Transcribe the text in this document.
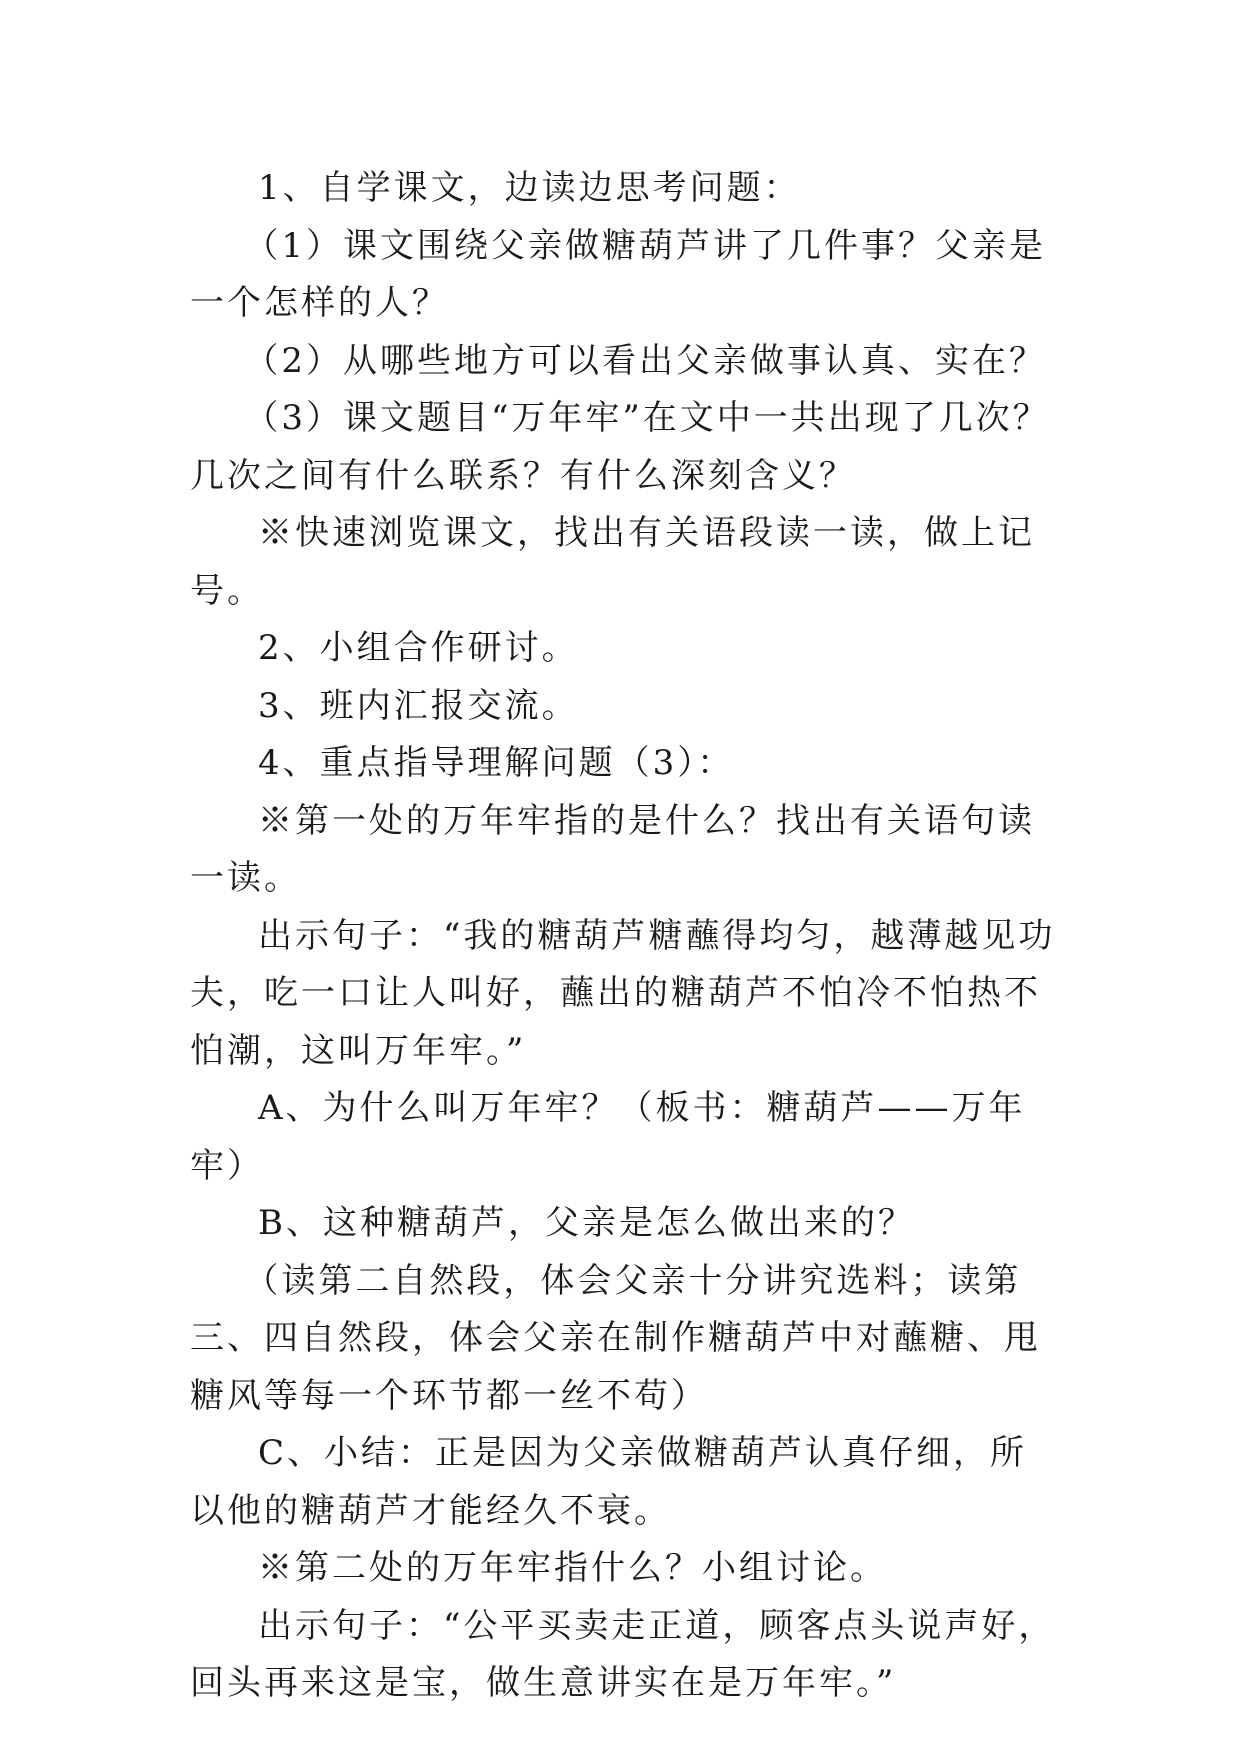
1、自学课文，边读边思考问题：

（1）课文围绕父亲做糖葫芦讲了几件事？父亲是一个怎样的人？

（2）从哪些地方可以看出父亲做事认真、实在？

（3）课文题目“万年牢”在文中一共出现了几次？几次之间有什么联系？有什么深刻含义？

※快速浏览课文，找出有关语段读一读，做上记号。

2、小组合作研讨。

3、班内汇报交流。

4、重点指导理解问题（3）：

※第一处的万年牢指的是什么？找出有关语句读一读。

出示句子：“我的糖葫芦糖蘸得均匀，越薄越见功夫，吃一口让人叫好，蘸出的糖葫芦不怕冷不怕热不怕潮，这叫万年牢。”

A、为什么叫万年牢？（板书：糖葫芦——万年牢）

B、这种糖葫芦，父亲是怎么做出来的？

（读第二自然段，体会父亲十分讲究选料；读第三、四自然段，体会父亲在制作糖葫芦中对蘸糖、甩糖风等每一个环节都一丝不苟）

C、小结：正是因为父亲做糖葫芦认真仔细，所以他的糖葫芦才能经久不衰。

※第二处的万年牢指什么？小组讨论。

出示句子：“公平买卖走正道，顾客点头说声好，回头再来这是宝，做生意讲实在是万年牢。”
